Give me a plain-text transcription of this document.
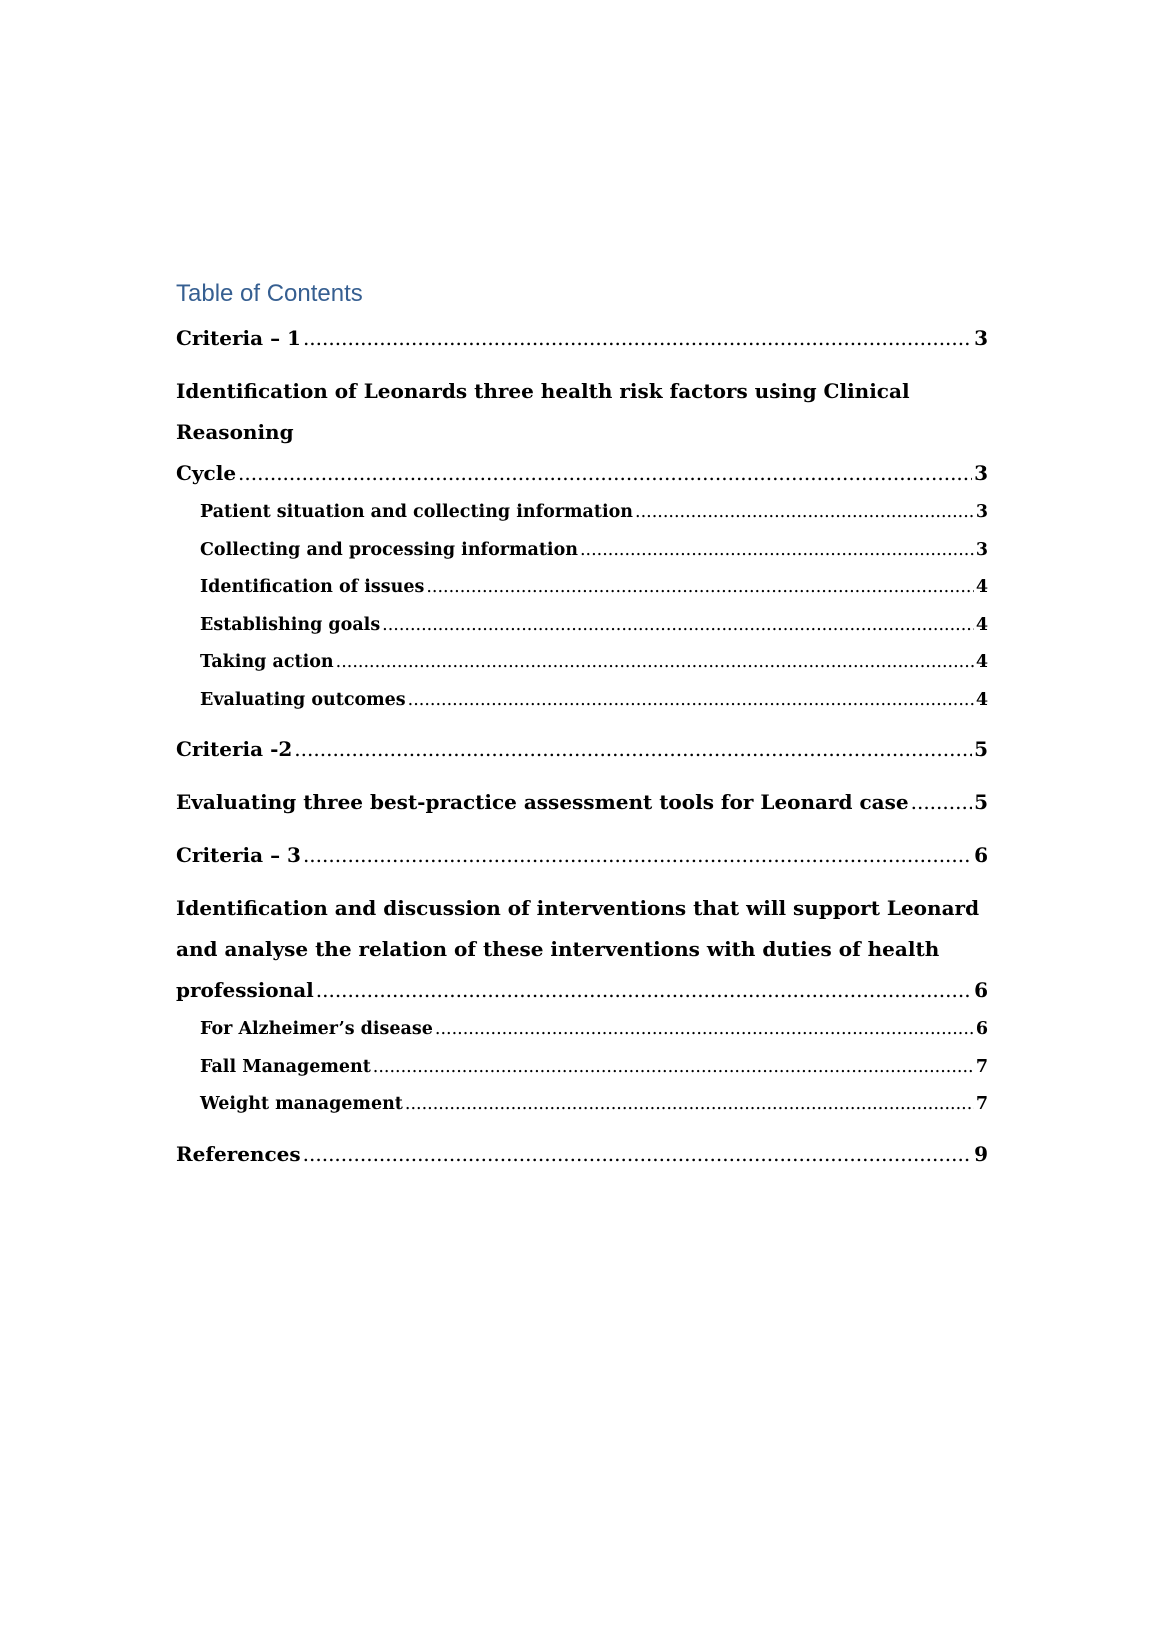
Table of Contents
Criteria – 1 .....	3
Identification of Leonards three health risk factors using Clinical Reasoning
Cycle .....	3
Patient situation and collecting information .....	3
Collecting and processing information .....	3
Identification of issues .....	4
Establishing goals .....	4
Taking action .....	4
Evaluating outcomes .....	4
Criteria -2 .....	5
Evaluating three best-practice assessment tools for Leonard case .....	5
Criteria – 3 .....	6
Identification and discussion of interventions that will support Leonard
and analyse the relation of these interventions with duties of health
professional .....	6
For Alzheimer’s disease .....	6
Fall Management .....	7
Weight management .....	7
References .....	9
